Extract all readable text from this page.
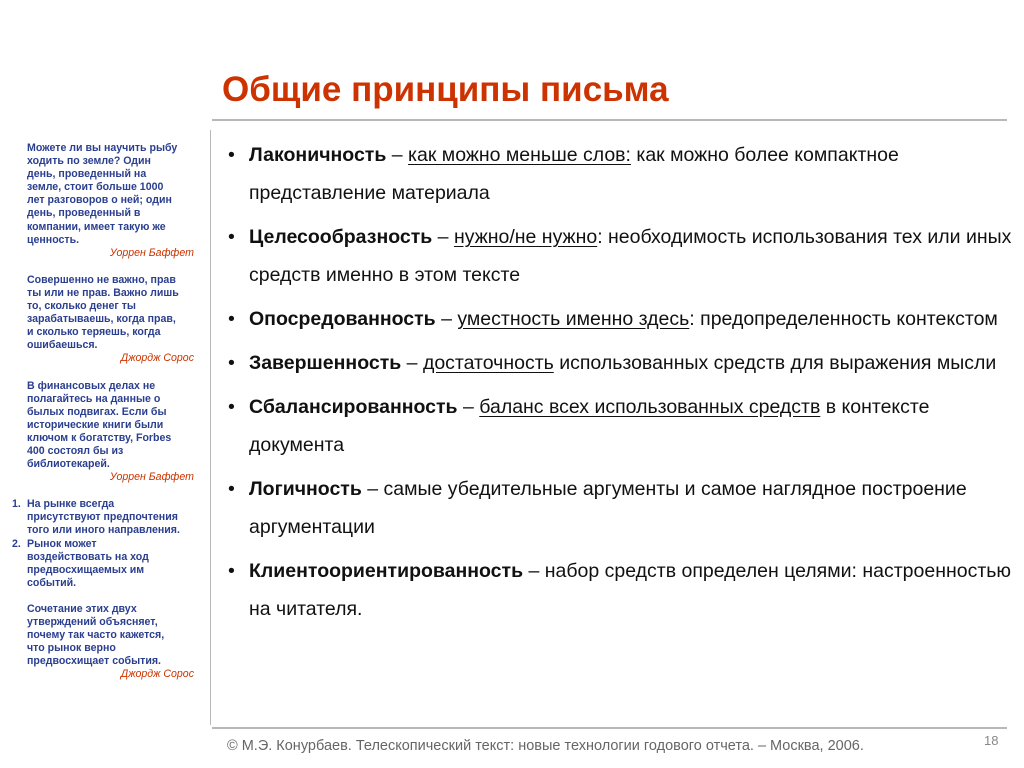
Общие принципы письма
Можете ли вы научить рыбу
ходить по земле? Один
день, проведенный на
земле, стоит больше 1000
лет разговоров о ней; один
день, проведенный в
компании, имеет такую же
ценность.
Уоррен Баффет
Совершенно не важно, прав
ты или не прав. Важно лишь
то, сколько денег ты
зарабатываешь, когда прав,
и сколько теряешь, когда
ошибаешься.
Джордж Сорос
В финансовых делах не
полагайтесь на данные о
былых подвигах. Если бы
исторические книги были
ключом к богатству, Forbes
400 состоял бы из
библиотекарей.
Уоррен Баффет
1. На рынке всегда
присутствуют предпочтения
того или иного направления.
2. Рынок может
воздействовать на ход
предвосхищаемых им
событий.
Сочетание этих двух
утверждений объясняет,
почему так часто кажется,
что рынок верно
предвосхищает события.
Джордж Сорос
• Лаконичность – как можно меньше слов: как можно более компактное представление материала
• Целесообразность – нужно/не нужно: необходимость использования тех или иных средств именно в этом тексте
• Опосредованность – уместность именно здесь: предопределенность контекстом
• Завершенность – достаточность использованных средств для выражения мысли
• Сбалансированность – баланс всех использованных средств в контексте документа
• Логичность – самые убедительные аргументы и самое наглядное построение аргументации
• Клиентоориентированность – набор средств определен целями: настроенностью на читателя.
© М.Э. Конурбаев. Телескопический текст: новые технологии годового отчета. – Москва, 2006.	18
